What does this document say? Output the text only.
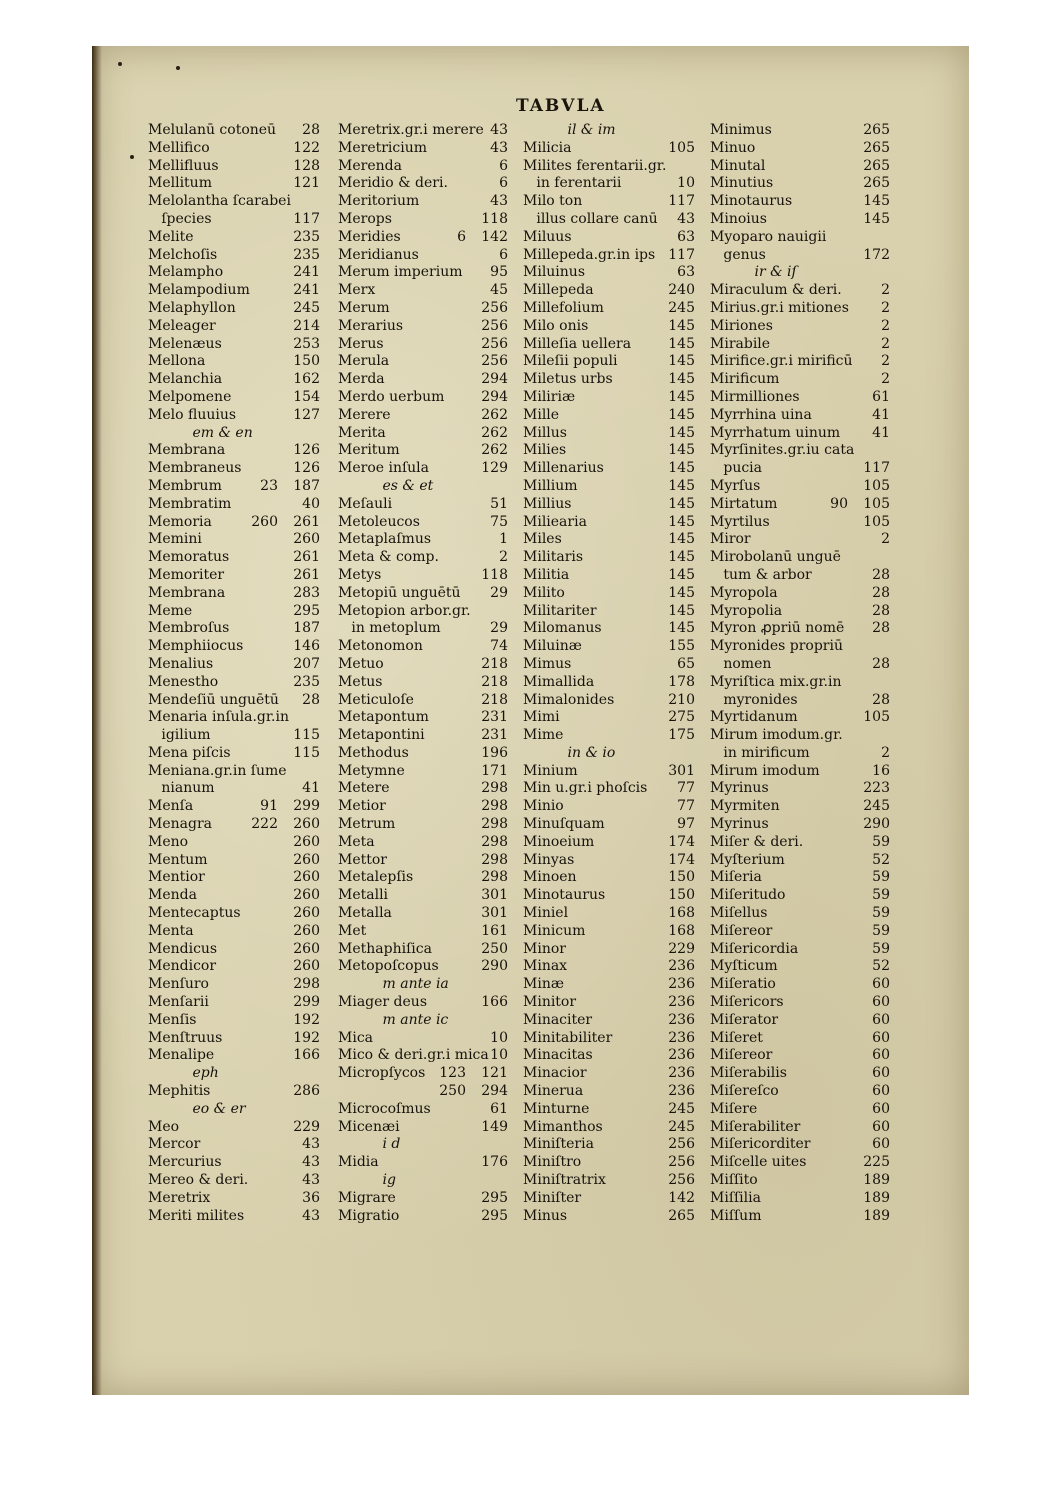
TABVLA
Melulanū cotoneū 28
Mellifico	122
Mellifluus	128
Mellitum	121
Melolantha ſcarabei
ſpecies	117
Melite	235
Melchoſis	235
Melampho	241
Melampodium	241
Melaphyllon	245
Meleager	214
Melenæus	253
Mellona	150
Melanchia	162
Melpomene	154
Melo fluuius	127
em & en
Membrana	126
Membraneus	126
Membrum	23 187
Membratim	40
Memoria	260 261
Memini	260
Memoratus	261
Memoriter	261
Membrana	283
Meme	295
Membroſus	187
Memphiiocus	146
Menalius	207
Menestho	235
Mendeſiū unguētū 28
Menaria inſula.gr.in
igilium	115
Mena piſcis	115
Meniana.gr.in ſume
nianum	41
Menſa	91 299
Menagra	222 260
Meno	260
Mentum	260
Mentior	260
Menda	260
Mentecaptus	260
Menta	260
Mendicus	260
Mendicor	260
Menſuro	298
Menſarii	299
Menſis	192
Menſtruus	192
Menalipe	166
eph
Mephitis	286
eo & er
Meo	229
Mercor	43
Mercurius	43
Mereo & deri.	43
Meretrix	36
Meriti milites	43
Meretrix.gr.i merere 43
Meretricium	43
Merenda	6
Meridio & deri.	6
Meritorium	43
Merops	118
Meridies	6 142
Meridianus	6
Merum imperium 95
Merx	45
Merum	256
Merarius	256
Merus	256
Merula	256
Merda	294
Merdo uerbum	294
Merere	262
Merita	262
Meritum	262
Meroe inſula	129
es & et
Meſauli	51
Metoleucos	75
Metaplaſmus	1
Meta & comp.	2
Metys	118
Metopiū unguētū 29
Metopion arbor.gr.
in metoplum	29
Metonomon	74
Metuo	218
Metus	218
Meticuloſe	218
Metapontum	231
Metapontini	231
Methodus	196
Metymne	171
Metere	298
Metior	298
Metrum	298
Meta	298
Mettor	298
Metalepſis	298
Metalli	301
Metalla	301
Met	161
Methaphiſica	250
Metopoſcopus	290
m ante ia
Miager deus	166
m ante ic
Mica	10
Mico & deri.gr.i mica 10
Micropſycos 123 121
250 294
Microcoſmus	61
Micenæi	149
i d
Midia	176
ig
Migrare	295
Migratio	295
il & im
Milicia	105
Milites ferentarii.gr.
in ferentarii	10
Milo ton	117
illus collare canū 43
Miluus	63
Millepeda.gr.in ips 117
Miluinus	63
Millepeda	240
Millefolium	245
Milo onis	145
Milleſia uellera	145
Mileſii populi	145
Miletus urbs	145
Miliriæ	145
Mille	145
Millus	145
Milies	145
Millenarius	145
Millium	145
Millius	145
Miliearia	145
Miles	145
Militaris	145
Militia	145
Milito	145
Militariter	145
Milomanus	145
Miluinæ	155
Mimus	65
Mimallida	178
Mimalonides	210
Mimi	275
Mime	175
in & io
Minium	301
Min u.gr.i phoſcis 77
Minio	77
Minuſquam	97
Minoeium	174
Minyas	174
Minoen	150
Minotaurus	150
Miniel	168
Minicum	168
Minor	229
Minax	236
Minæ	236
Minitor	236
Minaciter	236
Minitabiliter	236
Minacitas	236
Minacior	236
Minerua	236
Minturne	245
Mimanthos	245
Miniſteria	256
Miniſtro	256
Miniſtratrix	256
Miniſter	142
Minus	265
Minimus	265
Minuo	265
Minutal	265
Minutius	265
Minotaurus	145
Minoius	145
Myoparo nauigii
genus	172
ir & iſ
Miraculum & deri.	2
Mirius.gr.i mitiones 2
Miriones	2
Mirabile	2
Mirifice.gr.i mirificū 2
Mirificum	2
Mirmilliones	61
Myrrhina uina	41
Myrrhatum uinum 41
Myrſinites.gr.iu cata
pucia	117
Myrſus	105
Mirtatum	90 105
Myrtilus	105
Miror	2
Mirobolanū unguē
tum & arbor	28
Myropola	28
Myropolia	28
Myron ꝓpriū nomē 28
Myronides propriū
nomen	28
Myriſtica mix.gr.in
myronides	28
Myrtidanum	105
Mirum imodum.gr.
in mirificum	2
Mirum imodum	16
Myrinus	223
Myrmiten	245
Myrinus	290
Miſer & deri.	59
Myſterium	52
Miſeria	59
Miſeritudo	59
Miſellus	59
Miſereor	59
Miſericordia	59
Myſticum	52
Miſeratio	60
Miſericors	60
Miſerator	60
Miſeret	60
Miſereor	60
Miſerabilis	60
Miſereſco	60
Miſere	60
Miſerabiliter	60
Miſericorditer	60
Miſcelle uites	225
Miſſito	189
Miſſilia	189
Miſſum	189
